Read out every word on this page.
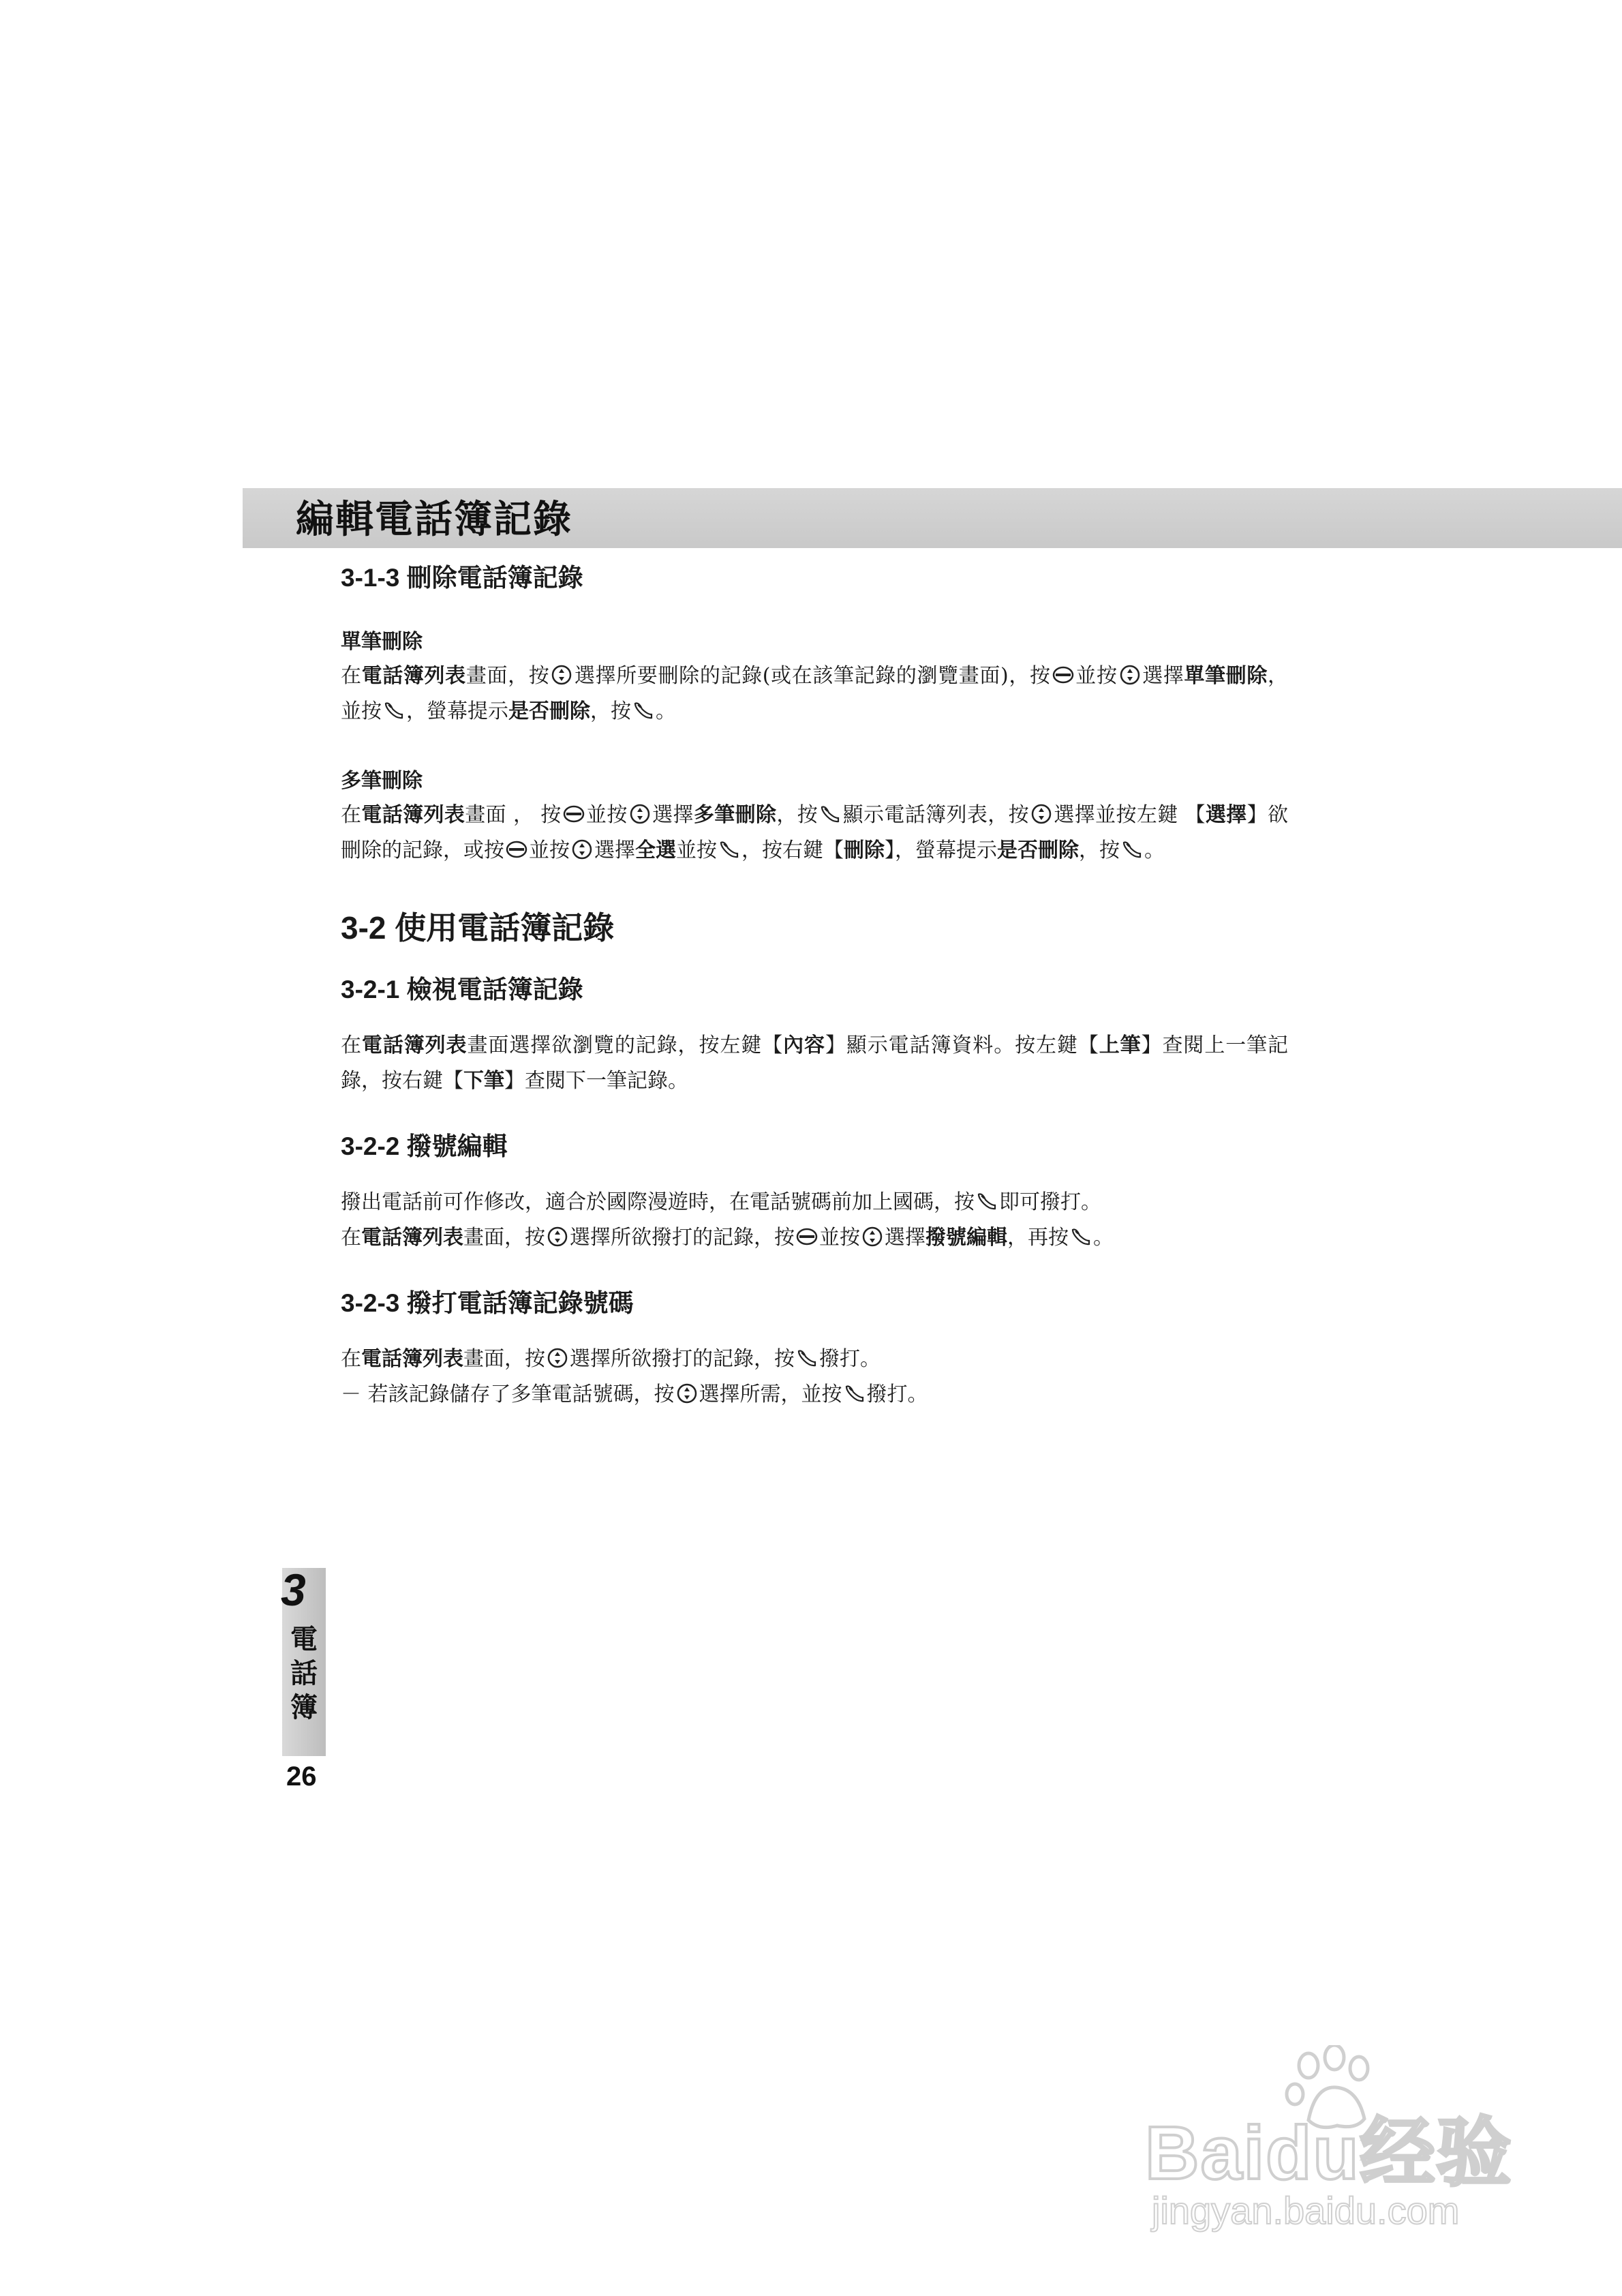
編輯電話簿記錄
3-1-3 刪除電話簿記錄
單筆刪除

在電話簿列表畫面，按 選擇所要刪除的記錄(或在該筆記錄的瀏覽畫面)，按 並按 選擇單筆刪除，並按 ，螢幕提示是否刪除，按 。

多筆刪除

在電話簿列表畫面 ， 按 並按 選擇多筆刪除，按 顯示電話簿列表，按 選擇並按左鍵 【選擇】欲刪除的記錄，或按 並按 選擇全選並按 ，按右鍵【刪除】，螢幕提示是否刪除，按 。

3-2 使用電話簿記錄
3-2-1 檢視電話簿記錄

在電話簿列表畫面選擇欲瀏覽的記錄，按左鍵【內容】顯示電話簿資料。按左鍵【上筆】查閱上一筆記錄，按右鍵【下筆】查閱下一筆記錄。

3-2-2 撥號編輯

撥出電話前可作修改，適合於國際漫遊時，在電話號碼前加上國碼，按 即可撥打。

在電話簿列表畫面，按 選擇所欲撥打的記錄，按 並按 選擇撥號編輯，再按 。

3-2-3 撥打電話簿記錄號碼

在電話簿列表畫面，按 選擇所欲撥打的記錄，按 撥打。

－ 若該記錄儲存了多筆電話號碼，按 選擇所需，並按 撥打。

3
電話簿
26
Baidu经验
jingyan.baidu.com
